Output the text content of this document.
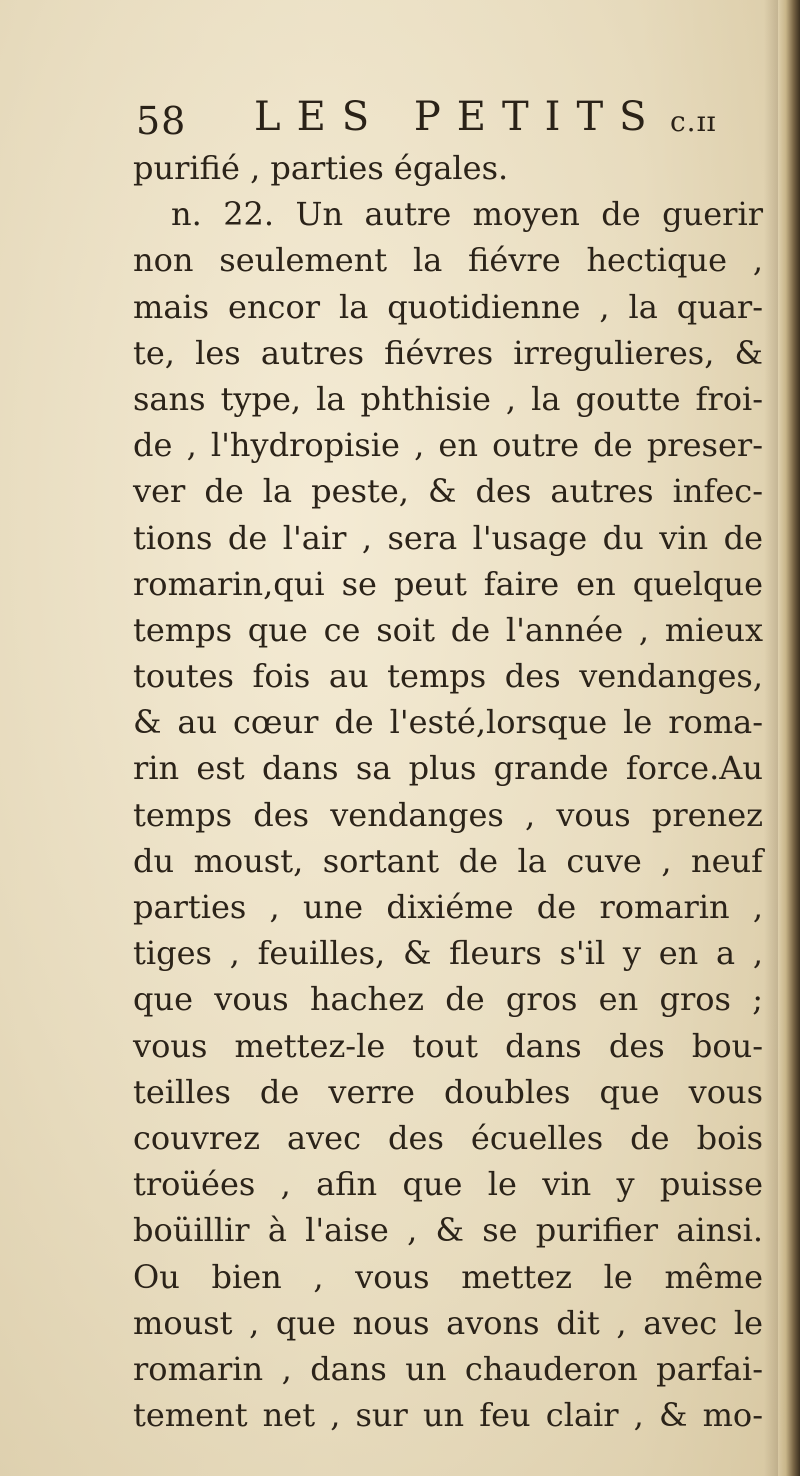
58 LES PETITS c.ɪɪ
purifié , parties égales.
n. 22. Un autre moyen de guerir
non seulement la fiévre hectique ,
mais encor la quotidienne , la quar-
te, les autres fiévres irregulieres, &
sans type, la phthisie , la goutte froi-
de , l'hydropisie , en outre de preser-
ver de la peste, & des autres infec-
tions de l'air , sera l'usage du vin de
romarin,qui se peut faire en quelque
temps que ce soit de l'année , mieux
toutes fois au temps des vendanges,
& au cœur de l'esté,lorsque le roma-
rin est dans sa plus grande force.Au
temps des vendanges , vous prenez
du moust, sortant de la cuve , neuf
parties , une dixiéme de romarin ,
tiges , feuilles, & fleurs s'il y en a ,
que vous hachez de gros en gros ;
vous mettez-le tout dans des bou-
teilles de verre doubles que vous
couvrez avec des écuelles de bois
troüées , afin que le vin y puisse
boüillir à l'aise , & se purifier ainsi.
Ou bien , vous mettez le même
moust , que nous avons dit , avec le
romarin , dans un chauderon parfai-
tement net , sur un feu clair , & mo-
